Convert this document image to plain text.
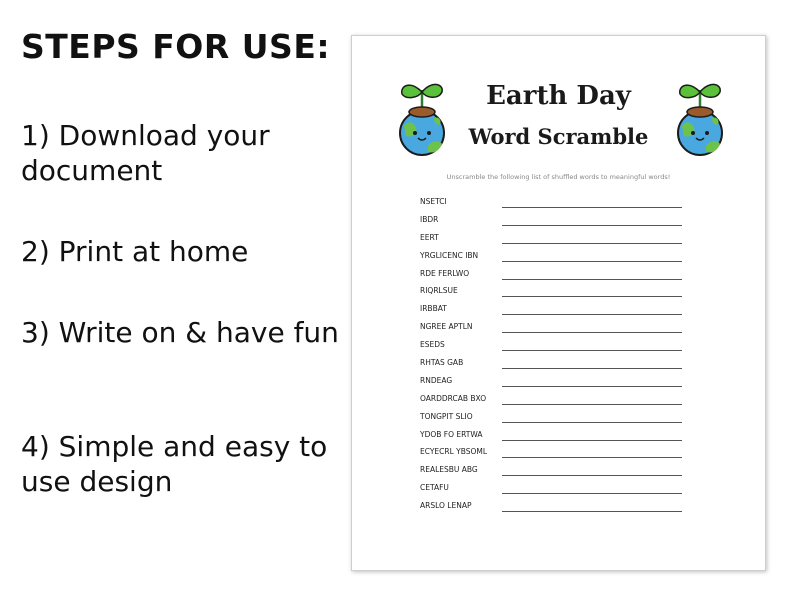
STEPS FOR USE:
1) Download your document
2) Print at home
3) Write on & have fun
4) Simple and easy to use design
Earth Day
Word Scramble
Unscramble the following list of shuffled words to meaningful words!
NSETCI
IBDR
EERT
YRGLICENC IBN
RDE FERLWO
RIQRLSUE
IRBBAT
NGREE APTLN
ESEDS
RHTAS GAB
RNDEAG
OARDDRCAB BXO
TONGPIT SLIO
YDOB FO ERTWA
ECYECRL YBSOML
REALESBU ABG
CETAFU
ARSLO LENAP
